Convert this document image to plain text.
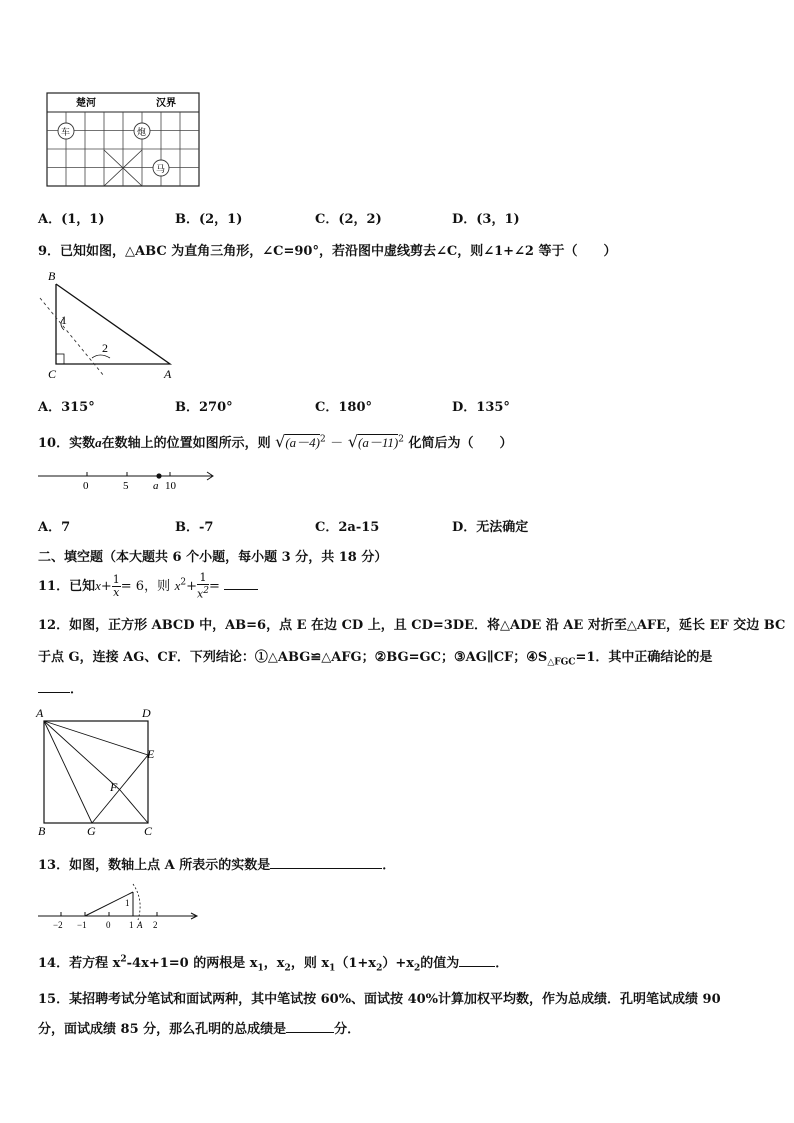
楚河	汉界
车	炮
马
A．(1，1)	B．(2，1)	C．(2，2)	D．(3，1)
9．已知如图，△ABC 为直角三角形，∠C=90°，若沿图中虚线剪去∠C，则∠1+∠2 等于（　　）
B
C	A
1
2
A．315°	B．270°	C．180°	D．135°
10．实数a在数轴上的位置如图所示，则 $√(a-4)^2 - √(a-11)^2$ 化简后为（　　）
0	5 a 10
A．7	B．-7	C．2a-15	D．无法确定
二、填空题（本大题共 6 个小题，每小题 3 分，共 18 分）
11．已知$x+ \frac{1}{x} = 6$，则 $x^2+ \frac{1}{x^2}$ =
12．如图，正方形 ABCD 中，AB=6，点 E 在边 CD 上，且 CD=3DE．将△ADE 沿 AE 对折至△AFE，延长 EF 交边 BC
于点 G，连接 AG、CF．下列结论：①△ABG≌△AFG；②BG=GC；③AG∥CF；$④S_{\triangle FGC}=1$．其中正确结论的是
．
A	D
E
F
B	G	C
13．如图，数轴上点 A 所表示的实数是	．
−2 −1 0 1 A 2
1
14．若方程 $x^2-4x+1=0$ 的两根是 $x_1$，$x_2$，则 $x_1(1+x_2)+x_2$的值为	．
15．某招聘考试分笔试和面试两种，其中笔试按 60%、面试按 40%计算加权平均数，作为总成绩．孔明笔试成绩 90
分，面试成绩 85 分，那么孔明的总成绩是	分．
